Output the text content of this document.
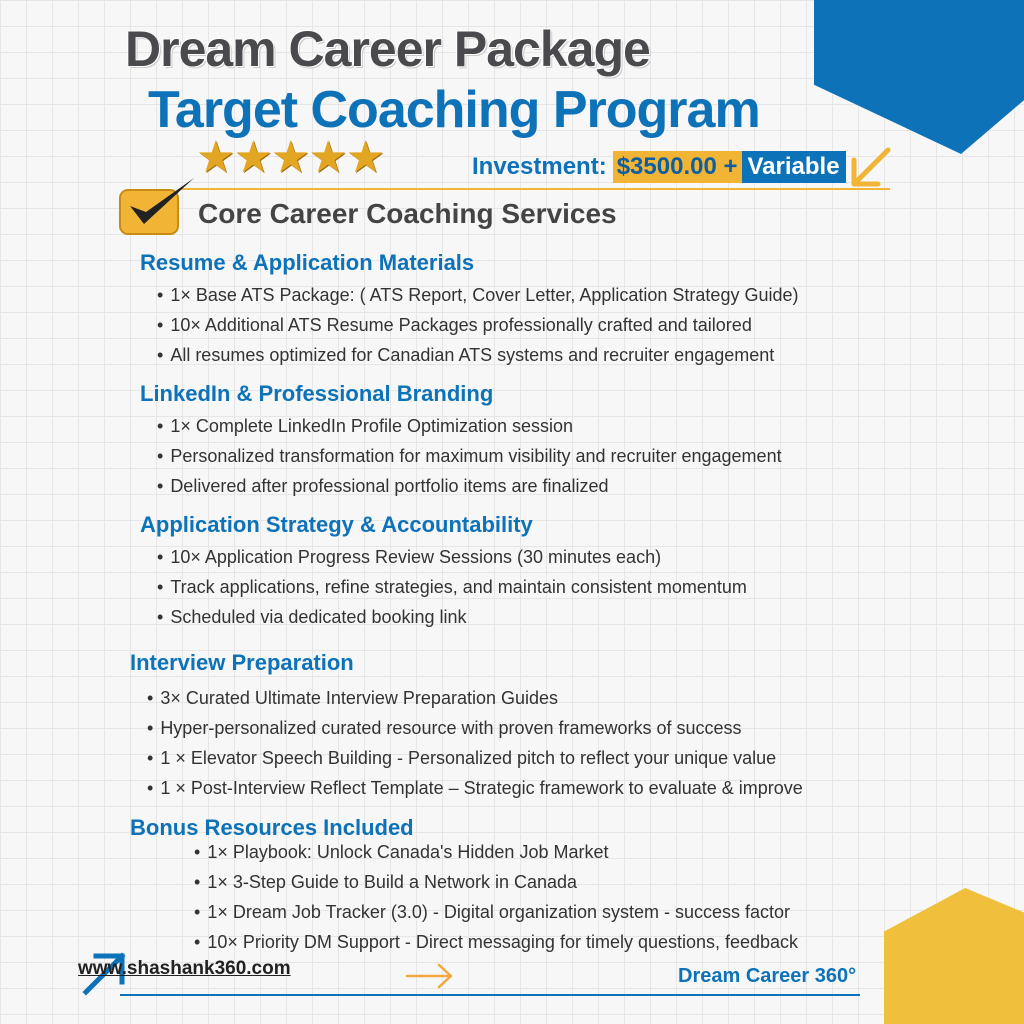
Dream Career Package
Target Coaching Program
★★★★★	Investment: $3500.00 + Variable
Core Career Coaching Services
Resume & Application Materials
• 1× Base ATS Package: ( ATS Report, Cover Letter, Application Strategy Guide)
• 10× Additional ATS Resume Packages professionally crafted and tailored
• All resumes optimized for Canadian ATS systems and recruiter engagement
LinkedIn & Professional Branding
• 1× Complete LinkedIn Profile Optimization session
• Personalized transformation for maximum visibility and recruiter engagement
• Delivered after professional portfolio items are finalized
Application Strategy & Accountability
• 10× Application Progress Review Sessions (30 minutes each)
• Track applications, refine strategies, and maintain consistent momentum
• Scheduled via dedicated booking link
Interview Preparation
• 3× Curated Ultimate Interview Preparation Guides
• Hyper-personalized curated resource with proven frameworks of success
• 1 × Elevator Speech Building - Personalized pitch to reflect your unique value
• 1 × Post-Interview Reflect Template – Strategic framework to evaluate & improve
Bonus Resources Included
• 1× Playbook: Unlock Canada's Hidden Job Market
• 1× 3-Step Guide to Build a Network in Canada
• 1× Dream Job Tracker (3.0) - Digital organization system - success factor
• 10× Priority DM Support - Direct messaging for timely questions, feedback
www.shashank360.com	Dream Career 360°
